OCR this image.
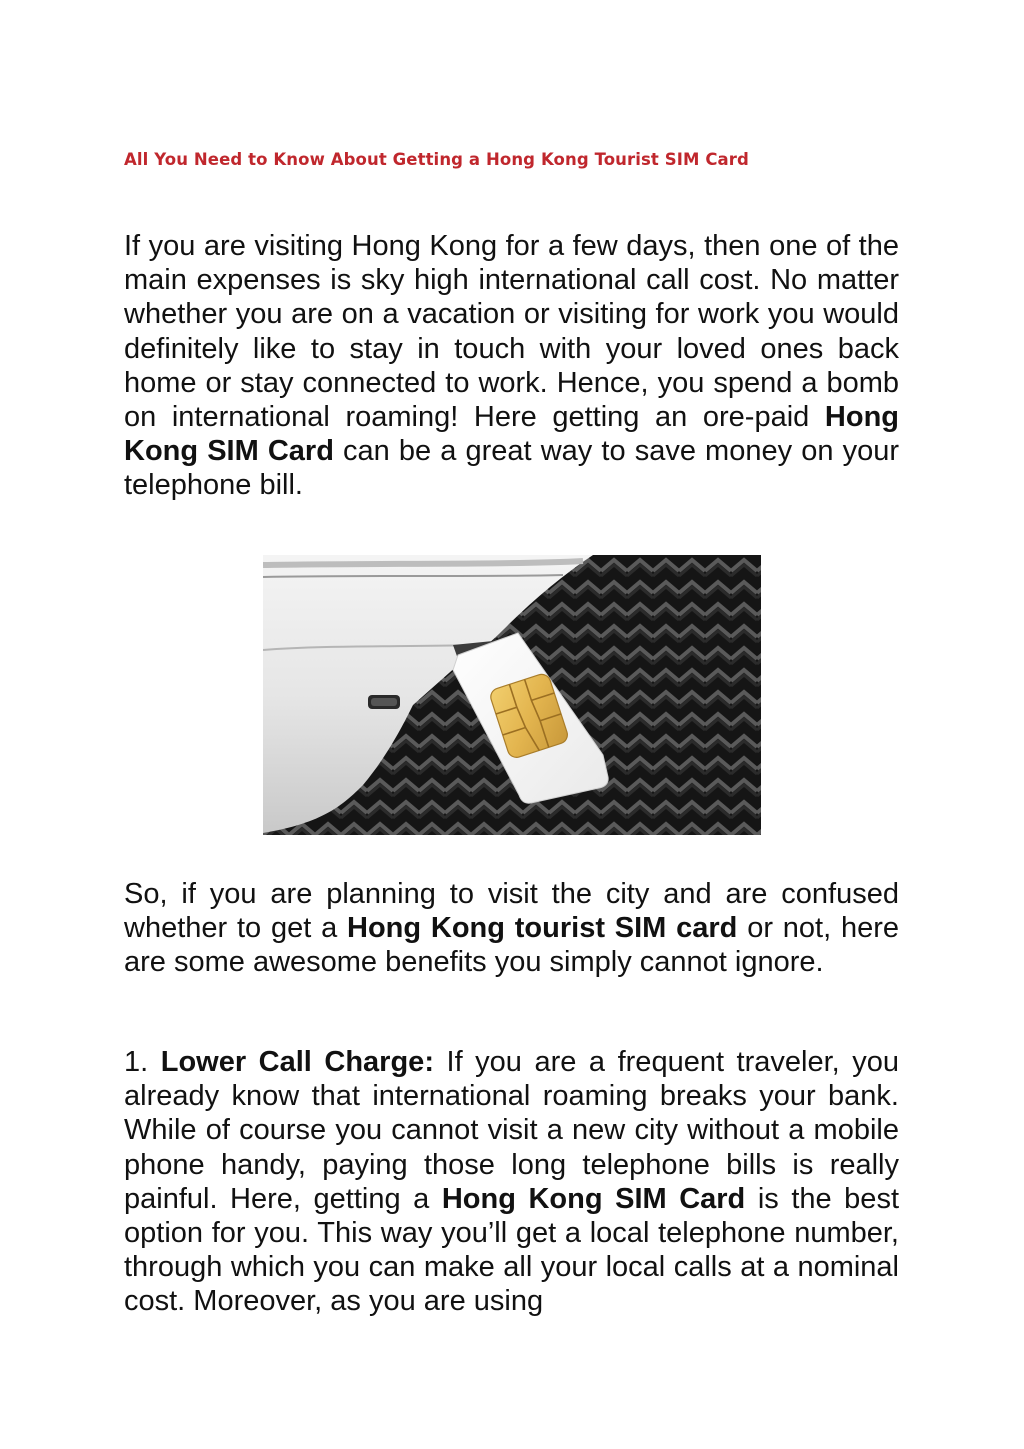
All You Need to Know About Getting a Hong Kong Tourist SIM Card

If you are visiting Hong Kong for a few days, then one of the main expenses is sky high international call cost. No matter whether you are on a vacation or visiting for work you would definitely like to stay in touch with your loved ones back home or stay connected to work. Hence, you spend a bomb on international roaming! Here getting an ore-paid Hong Kong SIM Card can be a great way to save money on your telephone bill.

So, if you are planning to visit the city and are confused whether to get a Hong Kong tourist SIM card or not, here are some awesome benefits you simply cannot ignore.

1. Lower Call Charge: If you are a frequent traveler, you already know that international roaming breaks your bank. While of course you cannot visit a new city without a mobile phone handy, paying those long telephone bills is really painful. Here, getting a Hong Kong SIM Card is the best option for you. This way you’ll get a local telephone number, through which you can make all your local calls at a nominal cost. Moreover, as you are using
